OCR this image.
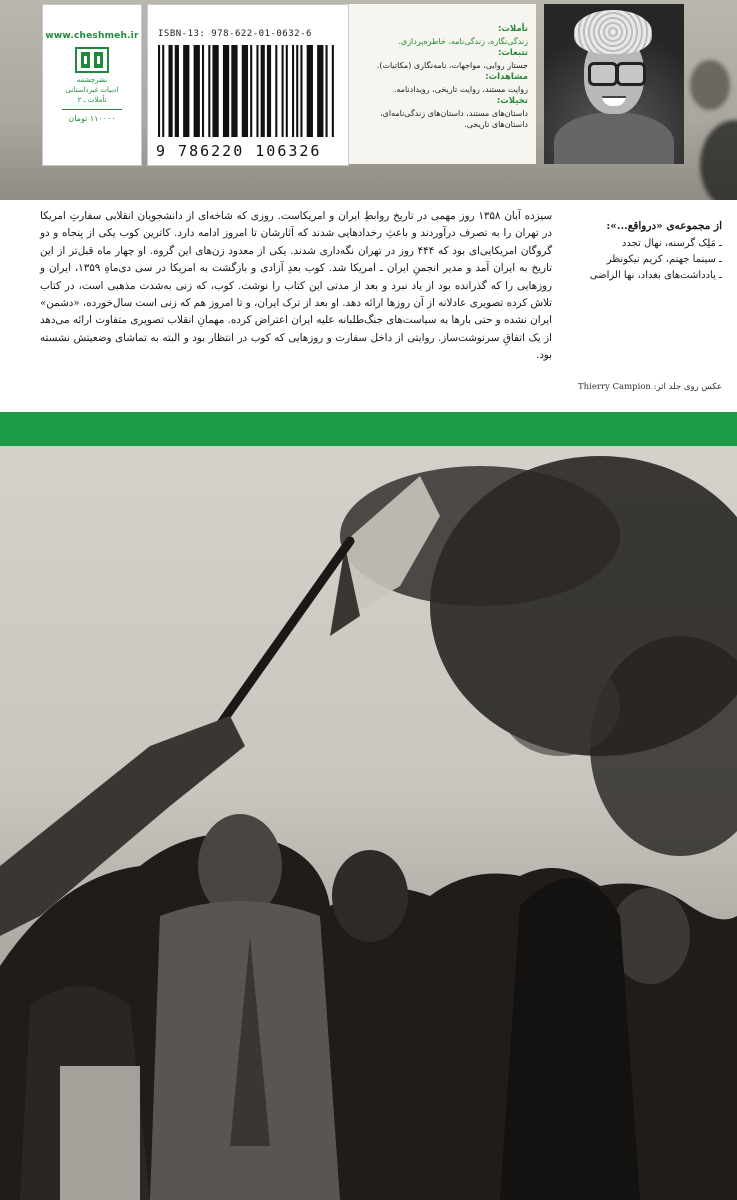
www.cheshmeh.ir
نشرچشمه
ادبیات غیرداستانی
تأملات ـ ۲
۱۱۰۰۰۰ تومان
ISBN-13: 978-622-01-0632-6
9 786220 106326
تأملات:
زندگی‌نگاره، زندگی‌نامه، خاطره‌پردازی.
تتبعات:
جستار روایی، مواجهات، نامه‌نگاری (مکاتبات).
مشاهدات:
روایت مستند، روایت تاریخی، رویدادنامه.
تخیلات:
داستان‌های مستند، داستان‌های زندگی‌نامه‌ای، داستان‌های تاریخی.
سیزده آبان ۱۳۵۸ روز مهمی در تاریخ روابطِ ایران و امریکاست. روزی که شاخه‌ای از دانشجویان انقلابی سفارتِ امریکا در تهران را به تصرف درآوردند و باعثِ رخدادهایی شدند که آثارشان تا امروز ادامه دارد. کاترین کوب یکی از پنجاه و دو گروگان امریکایی‌ای بود که ۴۴۴ روز در تهران نگه‌داری شدند. یکی از معدود زن‌های این گروه. او چهار ماه قبل‌تر از این تاریخ به ایران آمد و مدیر انجمنِ ایران ـ امریکا شد. کوب بعدِ آزادی و بازگشت به امریکا در سی دی‌ماهِ ۱۳۵۹، ایران و روزهایی را که گذرانده بود از یاد نبرد و بعد از مدتی این کتاب را نوشت. کوب، که زنی به‌شدت مذهبی است، در کتاب تلاش کرده تصویری عادلانه از آن روزها ارائه دهد. او بعد از ترک ایران، و تا امروز هم که زنی است سال‌خورده، «دشمن» ایران نشده و حتی بارها به سیاست‌های جنگ‌طلبانه علیه ایران اعتراض کرده. مهمانِ انقلاب تصویری متفاوت ارائه می‌دهد از یک اتفاقِ سرنوشت‌ساز. روایتی از داخل سفارت و روزهایی که کوب در انتظار بود و البته به تماشای وضعیتش نشسته بود.
از مجموعه‌ی «درواقع...»:
ـ مَلِک گرسنه، نهال تجدد
ـ سینما جهنم، کریم نیکونظر
ـ یادداشت‌های بغداد، نها الراضی
عکس روی جلد اثر: Thierry Campion
